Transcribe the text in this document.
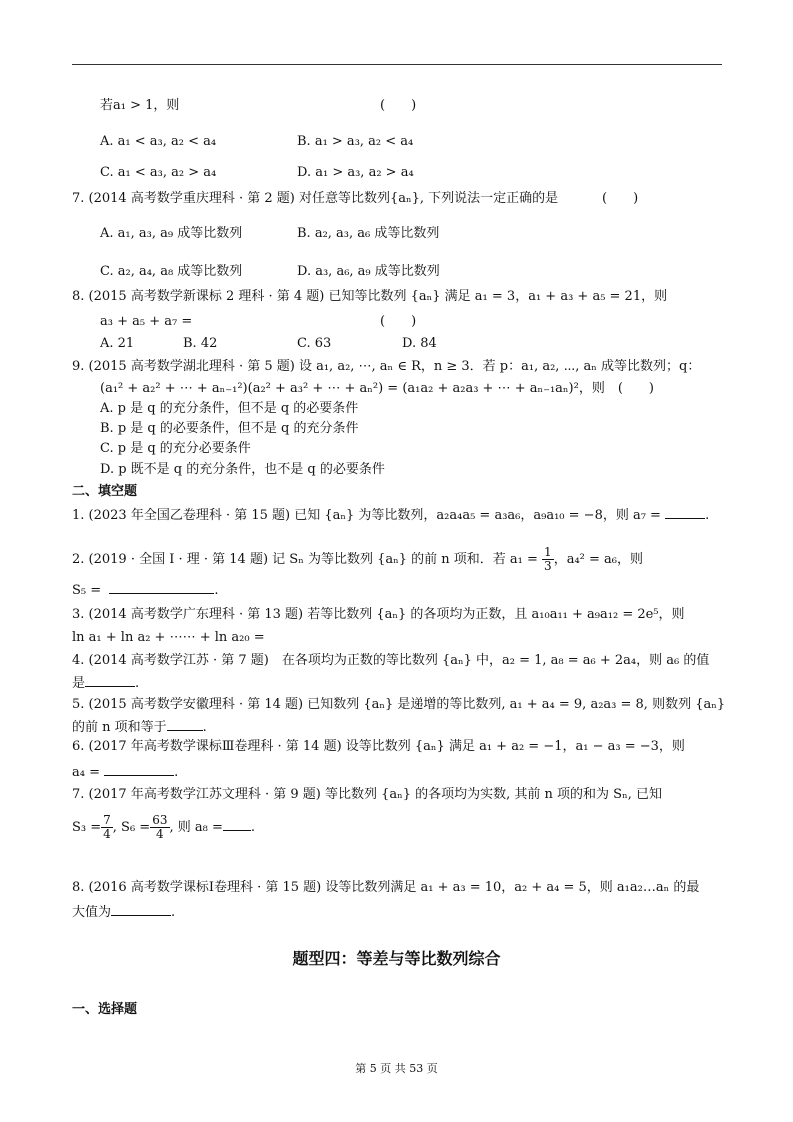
若a₁ > 1，则	(　　)
A. a₁ < a₃, a₂ < a₄	B. a₁ > a₃, a₂ < a₄
C. a₁ < a₃, a₂ > a₄	D. a₁ > a₃, a₂ > a₄
7. (2014 高考数学重庆理科 · 第 2 题) 对任意等比数列{aₙ}, 下列说法一定正确的是	(　　)
A. a₁, a₃, a₉ 成等比数列	B. a₂, a₃, a₆ 成等比数列
C. a₂, a₄, a₈ 成等比数列	D. a₃, a₆, a₉ 成等比数列
8. (2015 高考数学新课标 2 理科 · 第 4 题) 已知等比数列 {aₙ} 满足 a₁ = 3，a₁ + a₃ + a₅ = 21，则
a₃ + a₅ + a₇ =	(　　)
A. 21	B. 42	C. 63	D. 84
9. (2015 高考数学湖北理科 · 第 5 题) 设 a₁, a₂, ⋯, aₙ ∈ R，n ≥ 3．若 p：a₁, a₂, ⋯, aₙ 成等比数列；q：
(a₁² + a₂² + ⋯ + aₙ₋₁²)(a₂² + a₃² + ⋯ + aₙ²) = (a₁a₂ + a₂a₃ + ⋯ + aₙ₋₁aₙ)²，则　(　　)
A. p 是 q 的充分条件，但不是 q 的必要条件
B. p 是 q 的必要条件，但不是 q 的充分条件
C. p 是 q 的充分必要条件
D. p 既不是 q 的充分条件，也不是 q 的必要条件
二、填空题
1. (2023 年全国乙卷理科 · 第 15 题) 已知 {aₙ} 为等比数列，a₂a₄a₅ = a₃a₆，a₉a₁₀ = −8，则 a₇ =	.
2. (2019 · 全国 Ⅰ · 理 · 第 14 题) 记 Sₙ 为等比数列 {aₙ} 的前 n 项和．若 $a_1 = \frac{1}{3}$ ，a₄² = a₆，则
S₅ =	.
3. (2014 高考数学广东理科 · 第 13 题) 若等比数列 {aₙ} 的各项均为正数，且 a₁₀a₁₁ + a₉a₁₂ = 2e⁵，则
ln a₁ + ln a₂ + ⋯⋯ + ln a₂₀ =
4. (2014 高考数学江苏 · 第 7 题)　在各项均为正数的等比数列 {aₙ} 中，a₂ = 1, a₈ = a₆ + 2a₄，则 a₆ 的值
是	.
5. (2015 高考数学安徽理科 · 第 14 题) 已知数列 {aₙ} 是递增的等比数列, a₁ + a₄ = 9, a₂a₃ = 8, 则数列 {aₙ}
的前 n 项和等于	.
6. (2017 年高考数学课标Ⅲ卷理科 · 第 14 题) 设等比数列 {aₙ} 满足 a₁ + a₂ = −1，a₁ − a₃ = −3，则
a₄ =	.
7. (2017 年高考数学江苏文理科 · 第 9 题) 等比数列 {aₙ} 的各项均为实数, 其前 n 项的和为 Sₙ, 已知
$S_3 = \frac{7}{4}$ , $S_6 = \frac{63}{4}$ , 则 a₈ = .
8. (2016 高考数学课标Ⅰ卷理科 · 第 15 题) 设等比数列满足 a₁ + a₃ = 10，a₂ + a₄ = 5，则 a₁a₂…aₙ 的最
大值为	.
题型四：等差与等比数列综合
一、选择题
第 5 页 共 53 页
